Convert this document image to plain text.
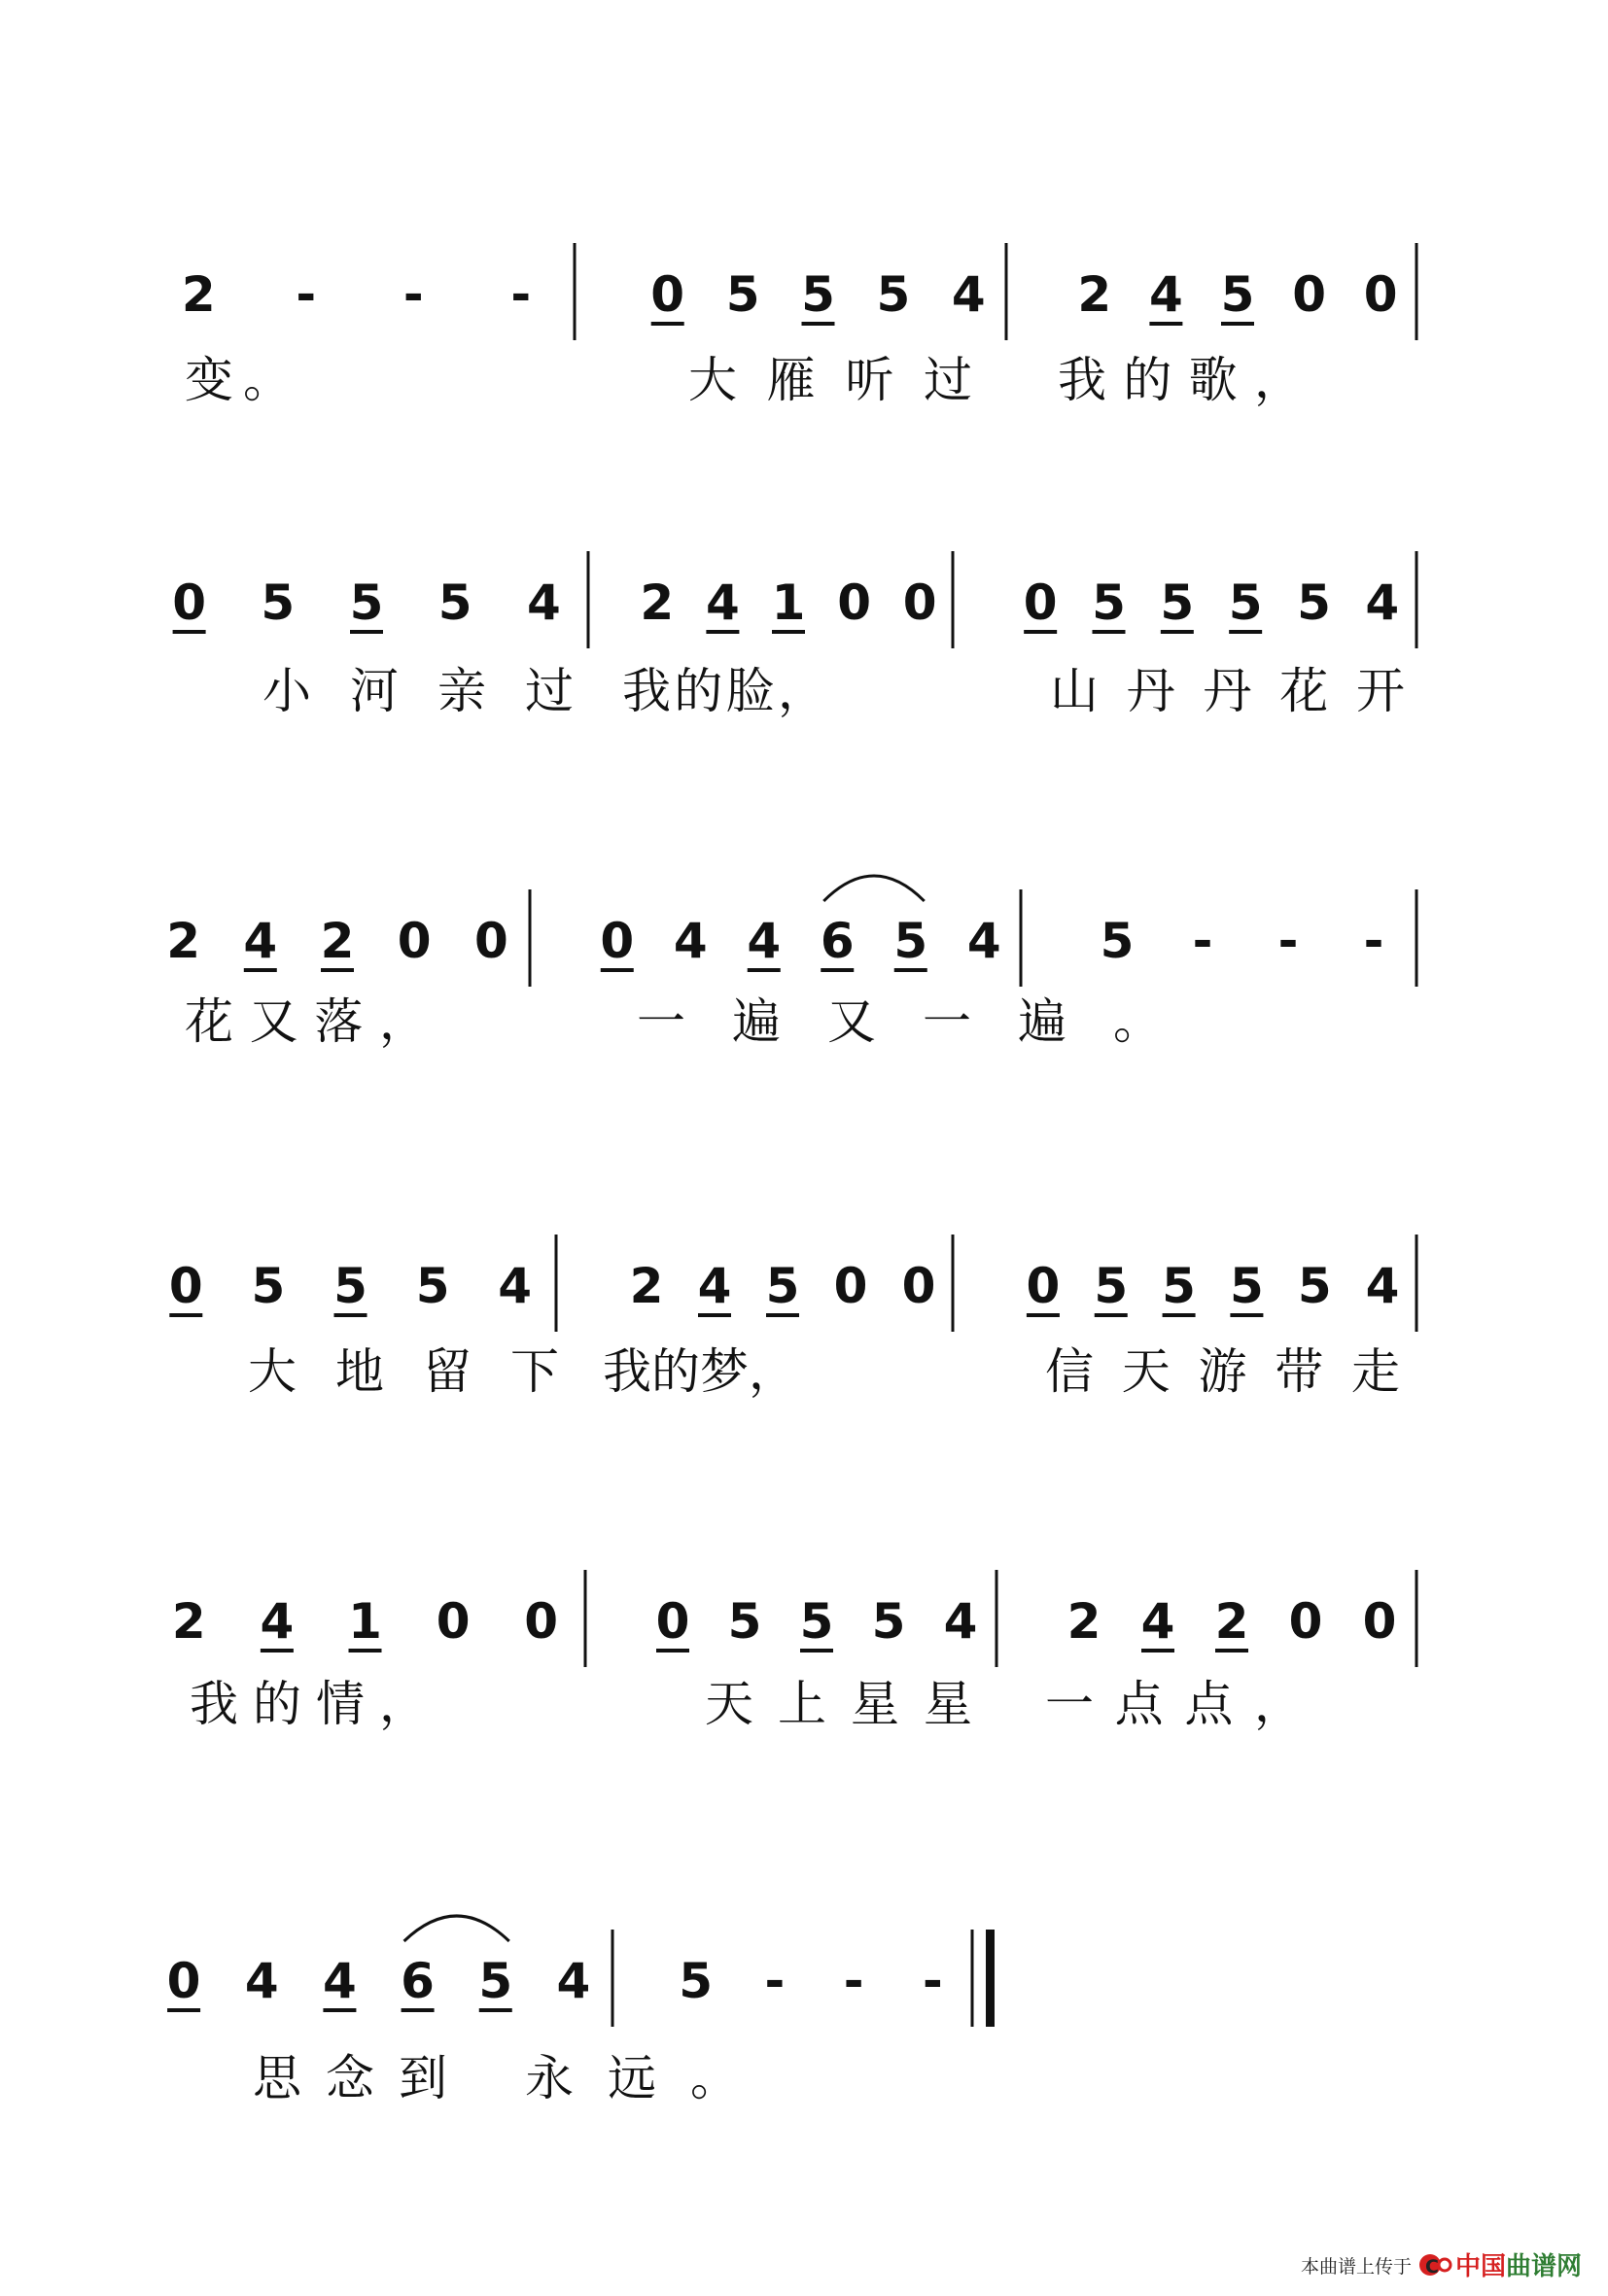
2 - - - 0 5 5 5 4 2 4 5 0 0
变。	大雁听过 我的歌，
0 5 5 5 4 2 4 1 0 0 0 5 5 5 5 4
小河亲过 我的脸，	山丹丹花开
2 4 2 0 0 0 4 4 6 5 4 5 - - -
花又落，	一遍又一遍。
0 5 5 5 4 2 4 5 0 0 0 5 5 5 5 4
大地留下 我的梦，	信天游带走
2 4 1 0 0 0 5 5 5 4 2 4 2 0 0
我的情，	天上星星 一点点，
0 4 4 6 5 4 5 - - -
思念到 永远。
本曲谱上传于 C 中国曲谱网
